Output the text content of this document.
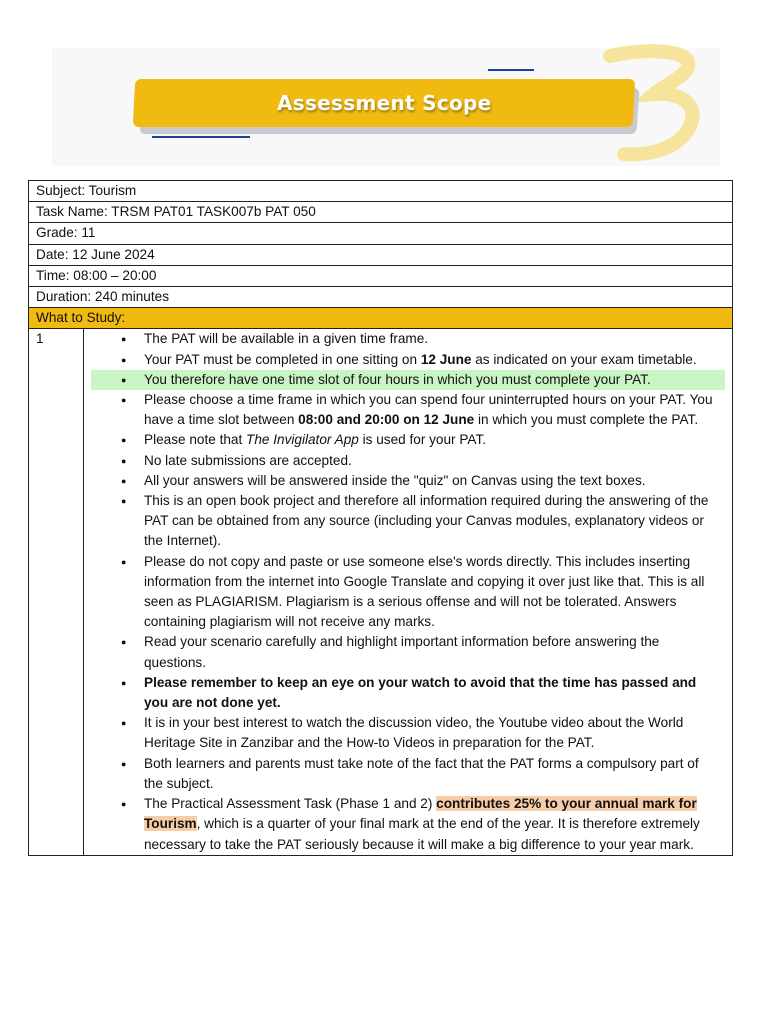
Assessment Scope
Subject: Tourism
Task Name: TRSM PAT01 TASK007b PAT 050
Grade: 11
Date: 12 June 2024
Time: 08:00 – 20:00
Duration: 240 minutes
What to Study:
1	
●The PAT will be available in a given time frame.
● Your PAT must be completed in one sitting on 12 June as indicated on your exam timetable.
● You therefore have one time slot of four hours in which you must complete your PAT.
● Please choose a time frame in which you can spend four uninterrupted hours on your PAT. You have a time slot between 08:00 and 20:00 on 12 June in which you must complete the PAT.
● Please note that The Invigilator App is used for your PAT.
● No late submissions are accepted.
● All your answers will be answered inside the "quiz" on Canvas using the text boxes.
● This is an open book project and therefore all information required during the answering of the PAT can be obtained from any source (including your Canvas modules, explanatory videos or the Internet).
● Please do not copy and paste or use someone else's words directly. This includes inserting information from the internet into Google Translate and copying it over just like that. This is all seen as PLAGIARISM. Plagiarism is a serious offense and will not be tolerated. Answers containing plagiarism will not receive any marks.
● Read your scenario carefully and highlight important information before answering the questions.
● Please remember to keep an eye on your watch to avoid that the time has passed and you are not done yet.
● It is in your best interest to watch the discussion video, the Youtube video about the World Heritage Site in Zanzibar and the How-to Videos in preparation for the PAT.
● Both learners and parents must take note of the fact that the PAT forms a compulsory part of the subject.
● The Practical Assessment Task (Phase 1 and 2) contributes 25% to your annual mark for Tourism, which is a quarter of your final mark at the end of the year. It is therefore extremely necessary to take the PAT seriously because it will make a big difference to your year mark.
